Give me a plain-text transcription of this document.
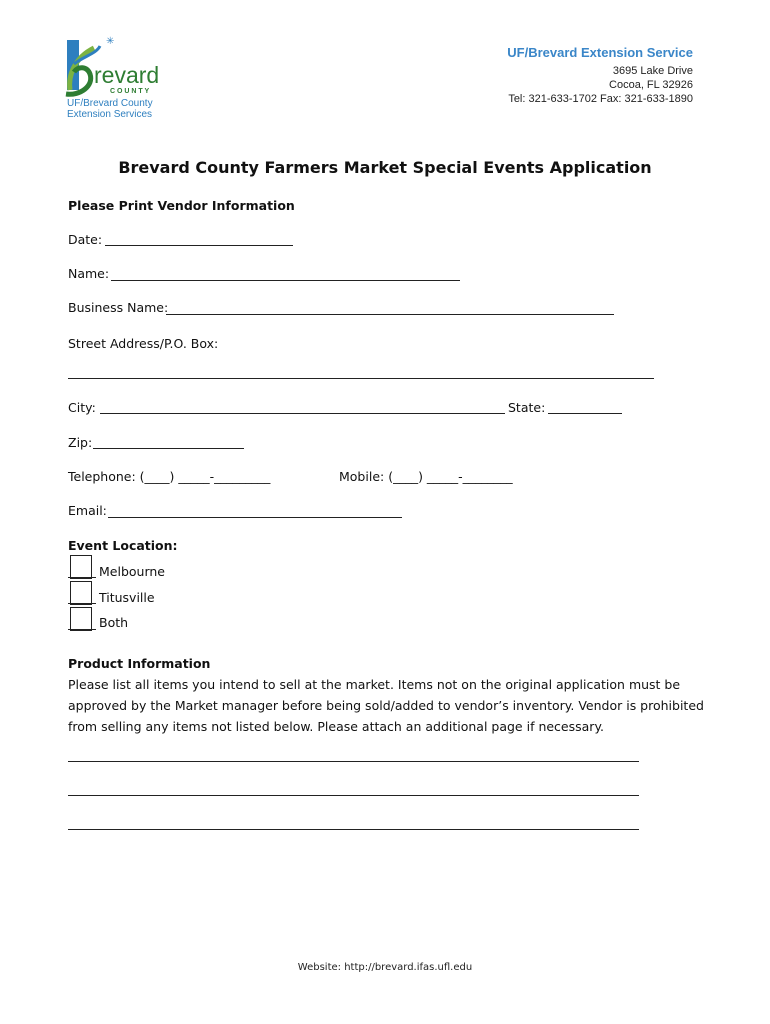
✳
revard
C O U N T Y
UF/Brevard County
Extension Services
UF/Brevard Extension Service
3695 Lake Drive
Cocoa, FL 32926
Tel: 321-633-1702 Fax: 321-633-1890
Brevard County Farmers Market Special Events Application
Please Print Vendor Information
Date:
Name:
Business Name:
Street Address/P.O. Box:
City:	State:
Zip:
Telephone: (____) _____-_________	Mobile: (____) _____-________
Email:
Event Location:
Melbourne
Titusville
Both
Product Information
Please list all items you intend to sell at the market. Items not on the original application must be
approved by the Market manager before being sold/added to vendor’s inventory. Vendor is prohibited
from selling any items not listed below. Please attach an additional page if necessary.
Website: http://brevard.ifas.ufl.edu
